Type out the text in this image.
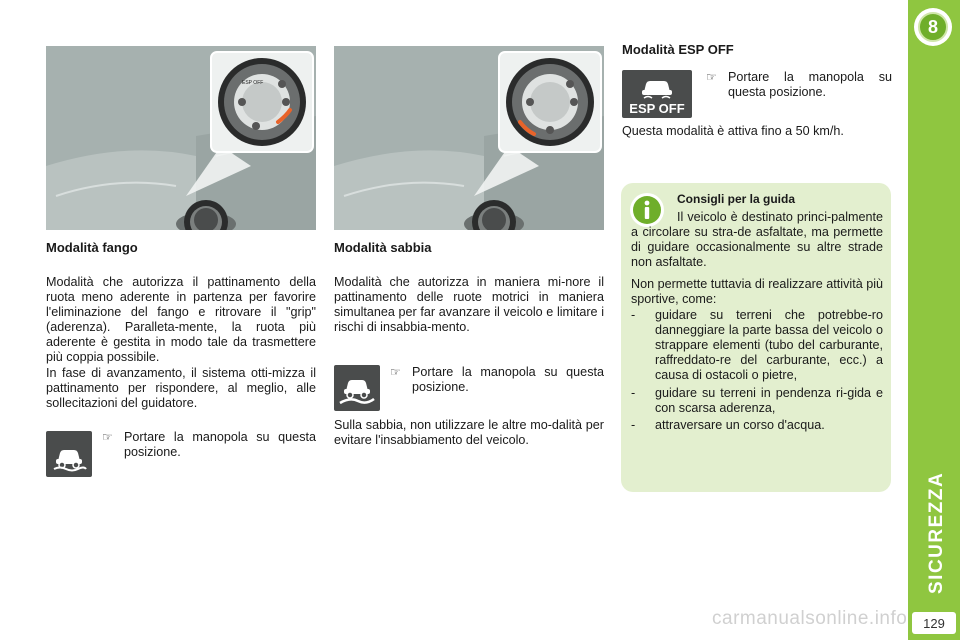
8
SICUREZZA
129
ESP OFF
Modalità fango
Modalità che autorizza il pattinamento della ruota meno aderente in partenza per favorire l'eliminazione del fango e ritrovare il "grip" (aderenza). Paralleta-mente, la ruota più aderente è gestita in modo tale da trasmettere più coppia possibile.
In fase di avanzamento, il sistema otti-mizza il pattinamento per rispondere, al meglio, alle sollecitazioni del guidatore.
☞ Portare la manopola su questa posizione.
Modalità sabbia
Modalità che autorizza in maniera mi-nore il pattinamento delle ruote motrici in maniera simultanea per far avanzare il veicolo e limitare i rischi di insabbia-mento.
☞ Portare la manopola su questa posizione.
Sulla sabbia, non utilizzare le altre mo-dalità per evitare l'insabbiamento del veicolo.
Modalità ESP OFF
ESP OFF
☞ Portare la manopola su questa posizione.
Questa modalità è attiva fino a 50 km/h.
Consigli per la guida
Il veicolo è destinato princi-palmente a circolare su stra-de asfaltate, ma permette di guidare occasionalmente su altre strade non asfaltate.
Non permette tuttavia di realizzare attività più sportive, come:
-	guidare su terreni che potrebbe-ro danneggiare la parte bassa del veicolo o strappare elementi (tubo del carburante, raffreddato-re del carburante, ecc.) a causa di ostacoli o pietre,
-	guidare su terreni in pendenza ri-gida e con scarsa aderenza,
-	attraversare un corso d'acqua.
carmanualsonline.info
